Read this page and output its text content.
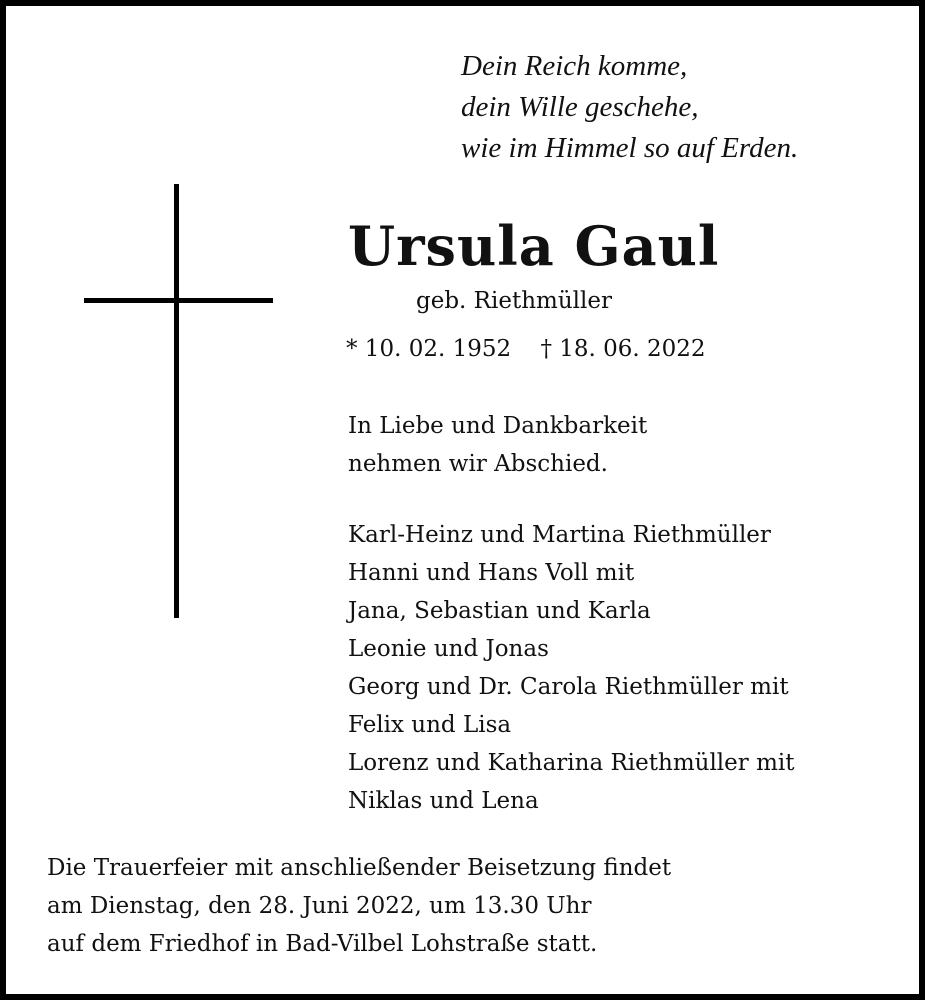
Dein Reich komme,
dein Wille geschehe,
wie im Himmel so auf Erden.
Ursula Gaul
geb. Riethmüller
* 10. 02. 1952 † 18. 06. 2022
In Liebe und Dankbarkeit
nehmen wir Abschied.
Karl-Heinz und Martina Riethmüller
Hanni und Hans Voll mit
Jana, Sebastian und Karla
Leonie und Jonas
Georg und Dr. Carola Riethmüller mit
Felix und Lisa
Lorenz und Katharina Riethmüller mit
Niklas und Lena
Die Trauerfeier mit anschließender Beisetzung findet
am Dienstag, den 28. Juni 2022, um 13.30 Uhr
auf dem Friedhof in Bad-Vilbel Lohstraße statt.
